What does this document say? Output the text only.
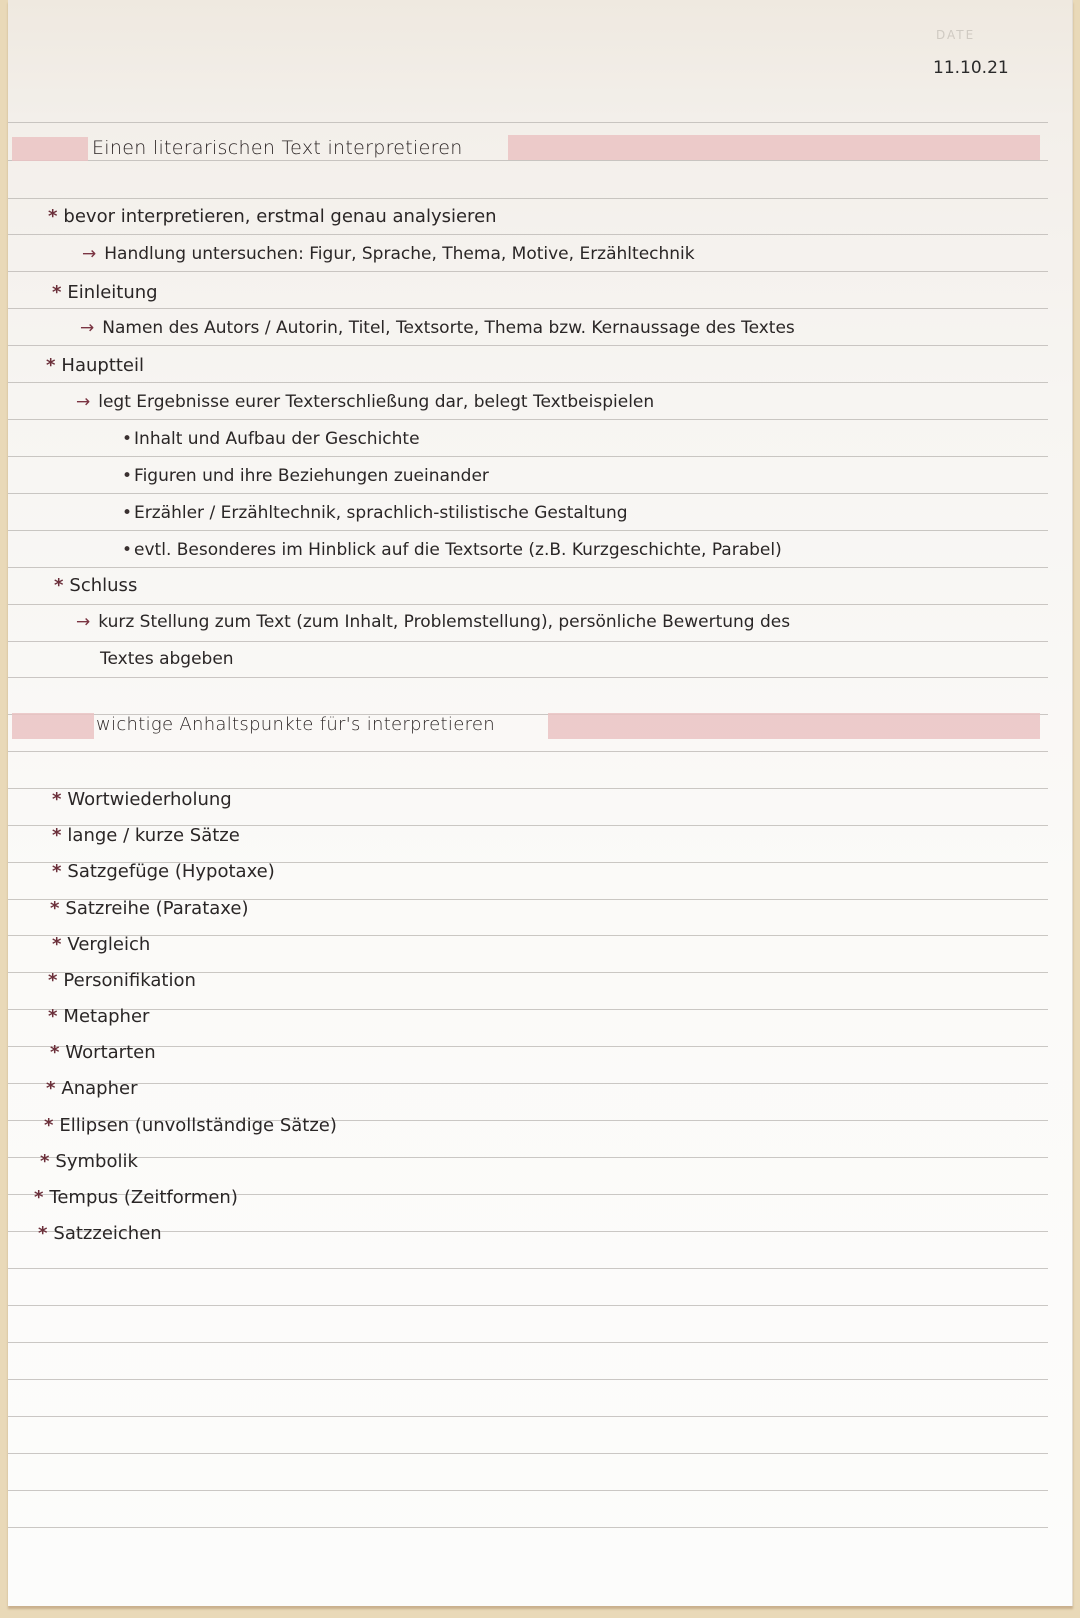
DATE
11.10.21
Einen literarischen Text interpretieren
* bevor interpretieren, erstmal genau analysieren
→ Handlung untersuchen: Figur, Sprache, Thema, Motive, Erzähltechnik
* Einleitung
→ Namen des Autors / Autorin, Titel, Textsorte, Thema bzw. Kernaussage des Textes
* Hauptteil
→ legt Ergebnisse eurer Texterschließung dar, belegt Textbeispielen
• Inhalt und Aufbau der Geschichte
• Figuren und ihre Beziehungen zueinander
• Erzähler / Erzähltechnik, sprachlich-stilistische Gestaltung
• evtl. Besonderes im Hinblick auf die Textsorte (z.B. Kurzgeschichte, Parabel)
* Schluss
→ kurz Stellung zum Text (zum Inhalt, Problemstellung), persönliche Bewertung des
Textes abgeben
wichtige Anhaltspunkte für's interpretieren
* Wortwiederholung
* lange / kurze Sätze
* Satzgefüge (Hypotaxe)
* Satzreihe (Parataxe)
* Vergleich
* Personifikation
* Metapher
* Wortarten
* Anapher
* Ellipsen (unvollständige Sätze)
* Symbolik
* Tempus (Zeitformen)
* Satzzeichen
